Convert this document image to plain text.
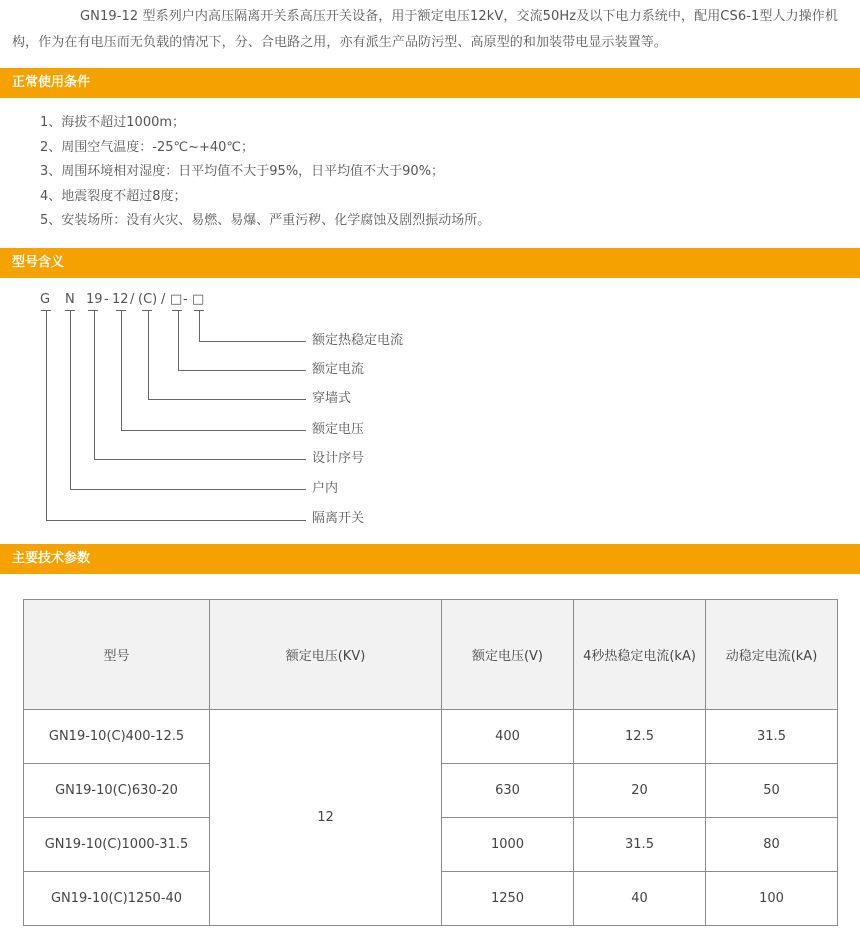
GN19-12 型系列户内高压隔离开关系高压开关设备，用于额定电压12kV，交流50Hz及以下电力系统中，配用CS6-1型人力操作机构，作为在有电压而无负载的情况下，分、合电路之用，亦有派生产品防污型、高原型的和加装带电显示装置等。

正常使用条件
1、海拔不超过1000m；
2、周围空气温度：-25℃~+40℃；
3、周围环境相对湿度：日平均值不大于95%，日平均值不大于90%；
4、地震裂度不超过8度；
5、安装场所：没有火灾、易燃、易爆、严重污秽、化学腐蚀及剧烈振动场所。
型号含义
G N 19 - 12 / (C) / □ - □
额定热稳定电流
额定电流
穿墙式
额定电压
设计序号
户内
隔离开关
主要技术参数
型号	额定电压(KV)	额定电压(V)	4秒热稳定电流(kA)	动稳定电流(kA)
GN19-10(C)400-12.5	12	400	12.5	31.5
GN19-10(C)630-20		630	20	50
GN19-10(C)1000-31.5		1000	31.5	80
GN19-10(C)1250-40		1250	40	100
